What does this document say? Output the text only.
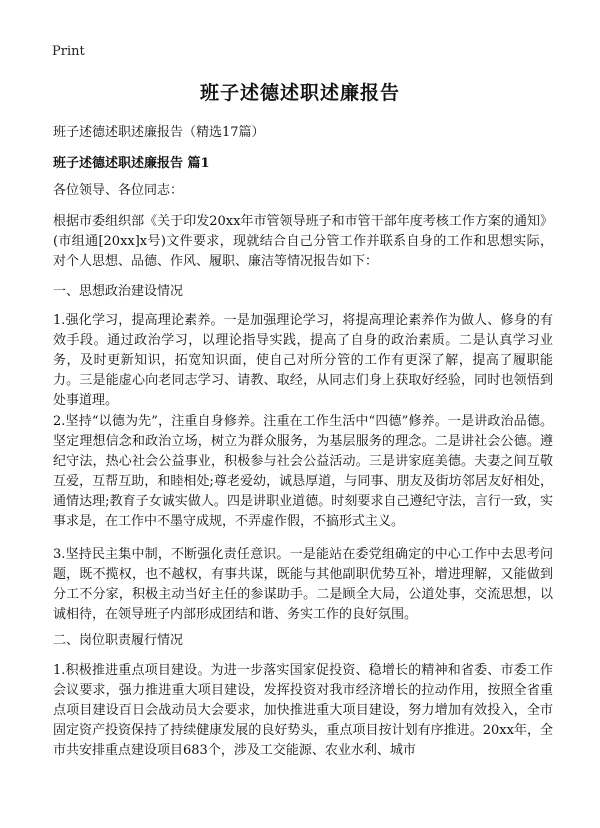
Print
班子述德述职述廉报告
班子述德述职述廉报告（精选17篇）
班子述德述职述廉报告 篇1
各位领导、各位同志：
根据市委组织部《关于印发20xx年市管领导班子和市管干部年度考核工作方案的通知》(市组通[20xx]x号)文件要求，现就结合自己分管工作并联系自身的工作和思想实际，对个人思想、品德、作风、履职、廉洁等情况报告如下：
一、思想政治建设情况
1.强化学习，提高理论素养。一是加强理论学习，将提高理论素养作为做人、修身的有效手段。通过政治学习，以理论指导实践，提高了自身的政治素质。二是认真学习业务，及时更新知识，拓宽知识面，使自己对所分管的工作有更深了解，提高了履职能力。三是能虚心向老同志学习、请教、取经，从同志们身上获取好经验，同时也领悟到处事道理。
2.坚持“以德为先”，注重自身修养。注重在工作生活中“四德”修养。一是讲政治品德。坚定理想信念和政治立场，树立为群众服务，为基层服务的理念。二是讲社会公德。遵纪守法，热心社会公益事业，积极参与社会公益活动。三是讲家庭美德。夫妻之间互敬互爱，互帮互助，和睦相处;尊老爱幼，诚恳厚道，与同事、朋友及街坊邻居友好相处，通情达理;教育子女诚实做人。四是讲职业道德。时刻要求自己遵纪守法，言行一致，实事求是，在工作中不墨守成规，不弄虚作假，不搞形式主义。
3.坚持民主集中制，不断强化责任意识。一是能站在委党组确定的中心工作中去思考问题，既不揽权，也不越权，有事共谋，既能与其他副职优势互补，增进理解，又能做到分工不分家，积极主动当好主任的参谋助手。二是顾全大局，公道处事，交流思想，以诚相待，在领导班子内部形成团结和谐、务实工作的良好氛围。
二、岗位职责履行情况
1.积极推进重点项目建设。为进一步落实国家促投资、稳增长的精神和省委、市委工作会议要求，强力推进重大项目建设，发挥投资对我市经济增长的拉动作用，按照全省重点项目建设百日会战动员大会要求，加快推进重大项目建设，努力增加有效投入，全市固定资产投资保持了持续健康发展的良好势头，重点项目按计划有序推进。20xx年，全市共安排重点建设项目683个，涉及工交能源、农业水利、城市
